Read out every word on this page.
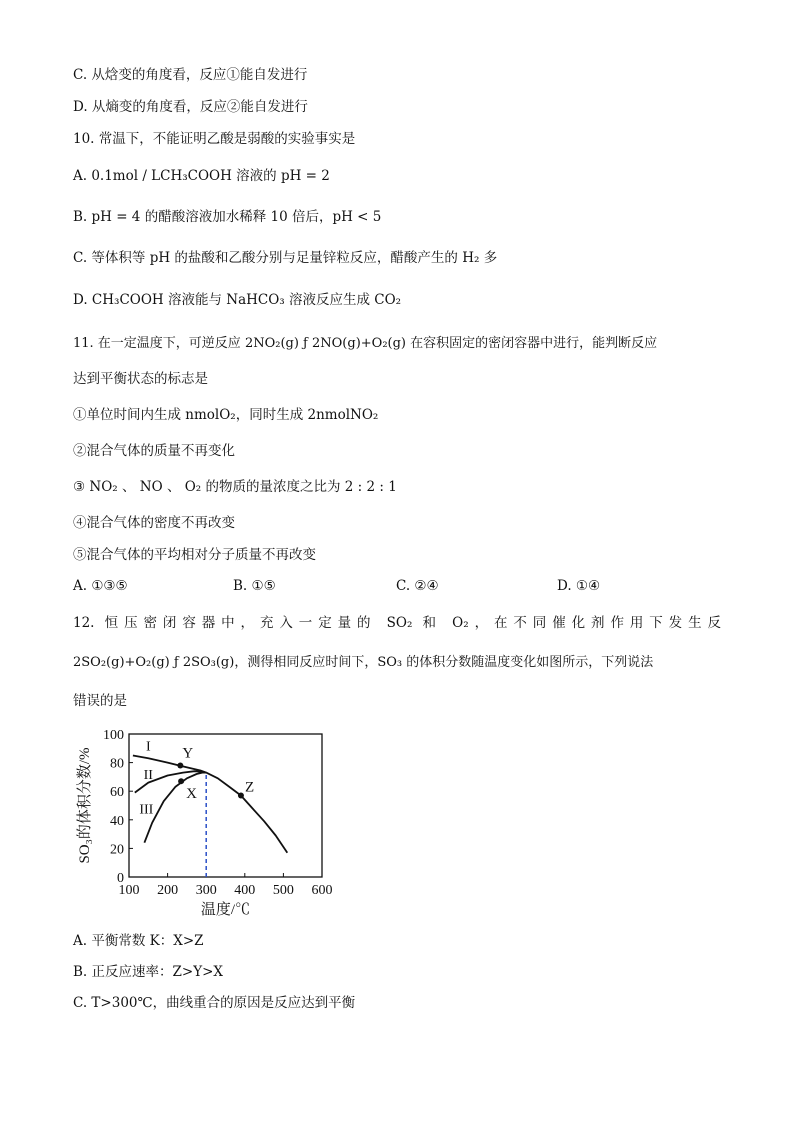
C. 从焓变的角度看，反应①能自发进行
D. 从熵变的角度看，反应②能自发进行
10. 常温下，不能证明乙酸是弱酸的实验事实是
A. 0.1mol / LCH₃COOH 溶液的 pH = 2
B. pH = 4 的醋酸溶液加水稀释 10 倍后，pH < 5
C. 等体积等 pH 的盐酸和乙酸分别与足量锌粒反应，醋酸产生的 H₂ 多
D. CH₃COOH 溶液能与 NaHCO₃ 溶液反应生成 CO₂
11. 在一定温度下，可逆反应 2NO₂(g) ƒ 2NO(g)+O₂(g) 在容积固定的密闭容器中进行，能判断反应
达到平衡状态的标志是
①单位时间内生成 nmolO₂，同时生成 2nmolNO₂
②混合气体的质量不再变化
③ NO₂ 、 NO 、 O₂ 的物质的量浓度之比为 2 : 2 : 1
④混合气体的密度不再改变
⑤混合气体的平均相对分子质量不再改变
A. ①③⑤	B. ①⑤	C. ②④	D. ①④
12. 恒压密闭容器中，充入一定量的 SO₂ 和 O₂，在不同催化剂作用下发生反
2SO₂(g)+O₂(g) ƒ 2SO₃(g)，测得相同反应时间下，SO₃ 的体积分数随温度变化如图所示，下列说法
错误的是
0
20
40
60
80
100
100 200 300 400 500 600
温度/℃
SO₃的体积分数/%
I
II
III
Y
X	Z
A. 平衡常数 K：X>Z
B. 正反应速率：Z>Y>X
C. T>300℃，曲线重合的原因是反应达到平衡
